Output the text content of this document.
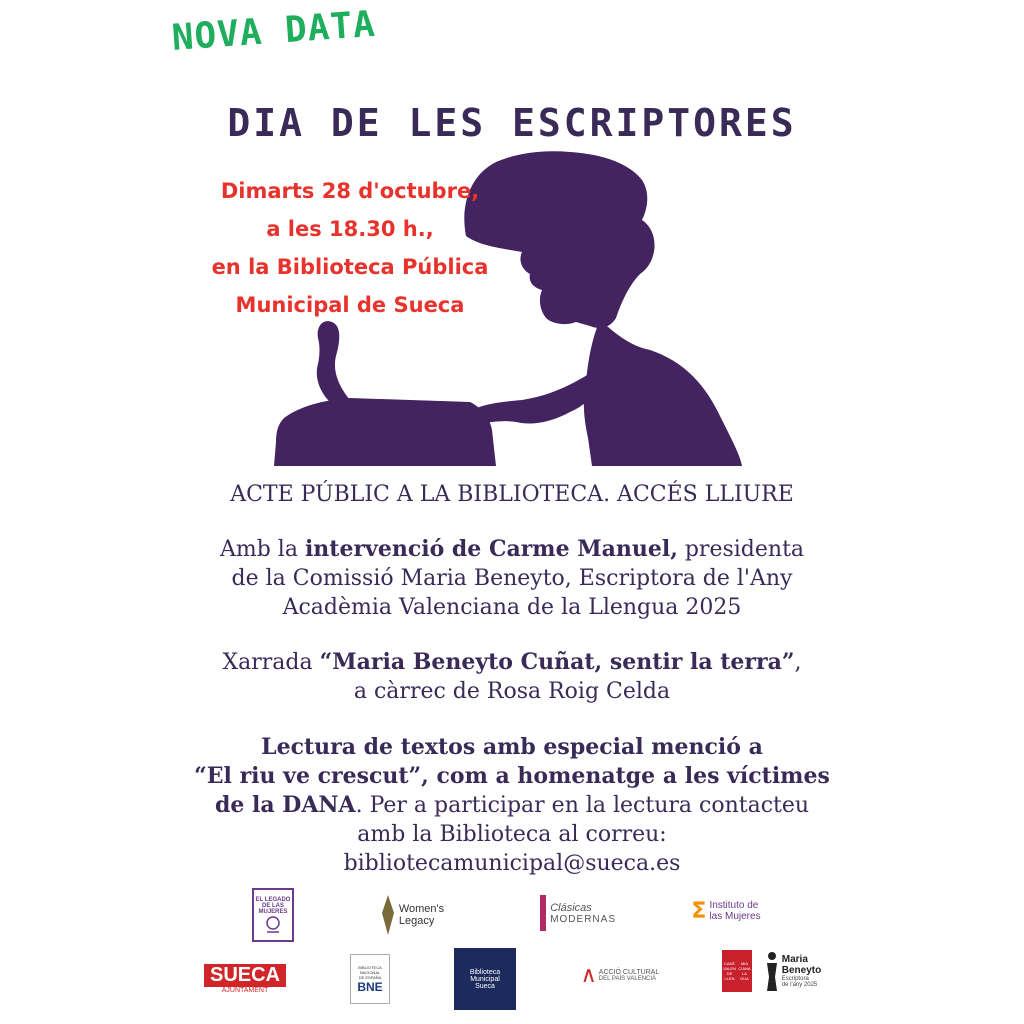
NOVA DATA
DIA DE LES ESCRIPTORES
Dimarts 28 d'octubre,
a les 18.30 h.,
en la Biblioteca Pública
Municipal de Sueca
ACTE PÚBLIC A LA BIBLIOTECA. ACCÉS LLIURE
Amb la intervenció de Carme Manuel, presidenta
de la Comissió Maria Beneyto, Escriptora de l'Any
Acadèmia Valenciana de la Llengua 2025
Xarrada “Maria Beneyto Cuñat, sentir la terra”,
a càrrec de Rosa Roig Celda
Lectura de textos amb especial menció a
“El riu ve crescut”, com a homenatge a les víctimes
de la DANA. Per a participar en la lectura contacteu
amb la Biblioteca al correu:
bibliotecamunicipal@sueca.es
EL LEGADO
DE LAS
MUJERES	Women's
Legacy
Clásicas
MODERNAS	Σ Instituto de
las Mujeres
SUECA
AJUNTAMENT
BIBLIOTECA
NACIONAL
DE ESPAÑA
BNE
Biblioteca
Municipal
Sueca	∧ ACCIÓ CULTURAL
DEL PAÍS VALENCIÀ
CADÈ	MIA
VALEN CIANA
DE	LA
LLEN	GUA
Maria
Beneyto
Escriptora
de l'any 2025
